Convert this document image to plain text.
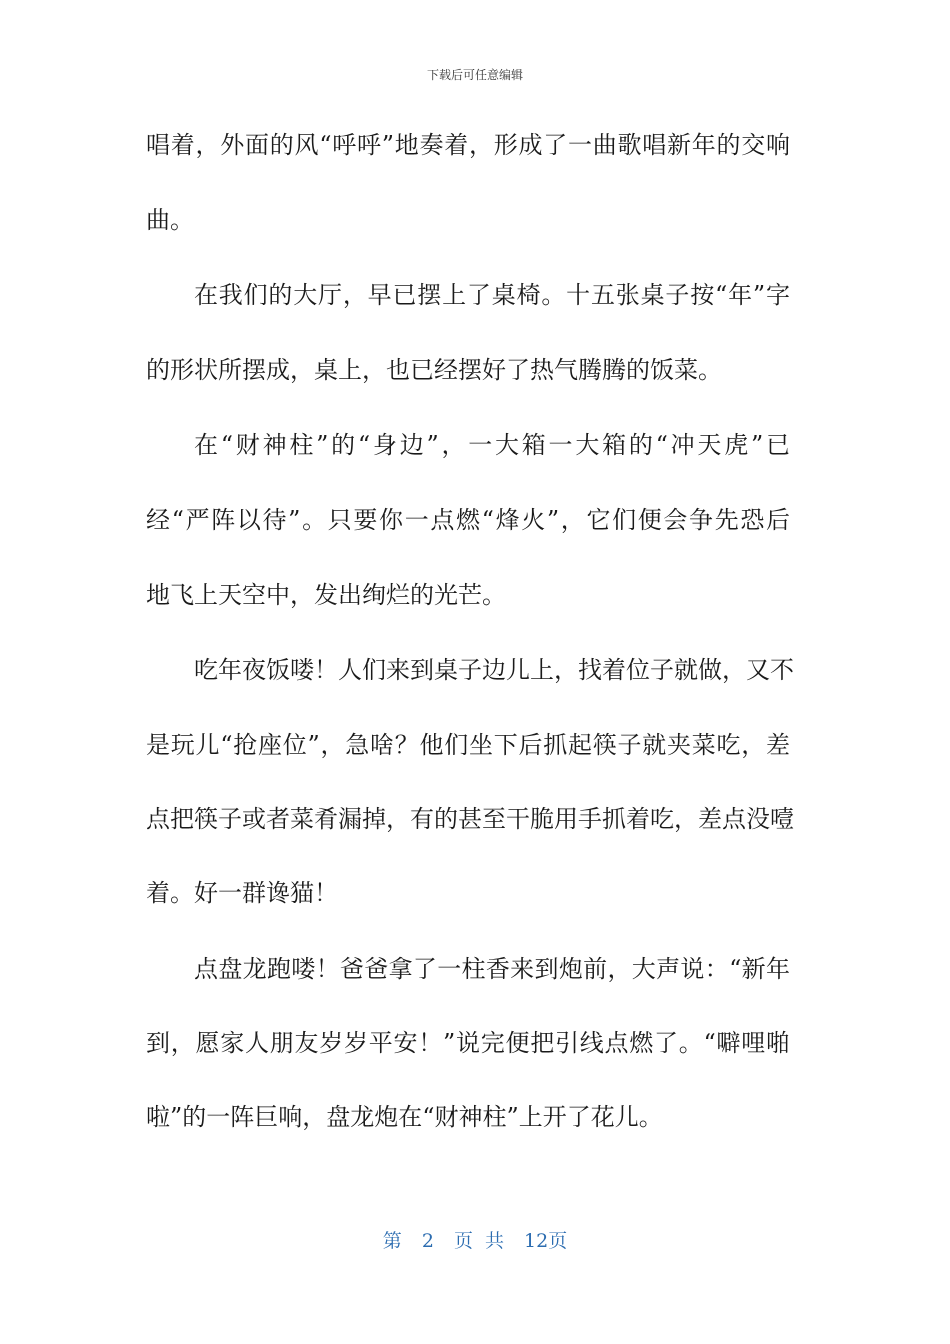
下载后可任意编辑
唱着，外面的风“呼呼”地奏着，形成了一曲歌唱新年的交响
曲。
在我们的大厅，早已摆上了桌椅。十五张桌子按“年”字
的形状所摆成，桌上，也已经摆好了热气腾腾的饭菜。
在“财神柱”的“身边”，一大箱一大箱的“冲天虎”已
经“严阵以待”。只要你一点燃“烽火”，它们便会争先恐后
地飞上天空中，发出绚烂的光芒。
吃年夜饭喽！人们来到桌子边儿上，找着位子就做，又不
是玩儿“抢座位”，急啥？他们坐下后抓起筷子就夹菜吃，差
点把筷子或者菜肴漏掉，有的甚至干脆用手抓着吃，差点没噎
着。好一群谗猫！
点盘龙跑喽！爸爸拿了一柱香来到炮前，大声说：“新年
到，愿家人朋友岁岁平安！”说完便把引线点燃了。“噼哩啪
啦”的一阵巨响，盘龙炮在“财神柱”上开了花儿。
第 2 页 共 12页
